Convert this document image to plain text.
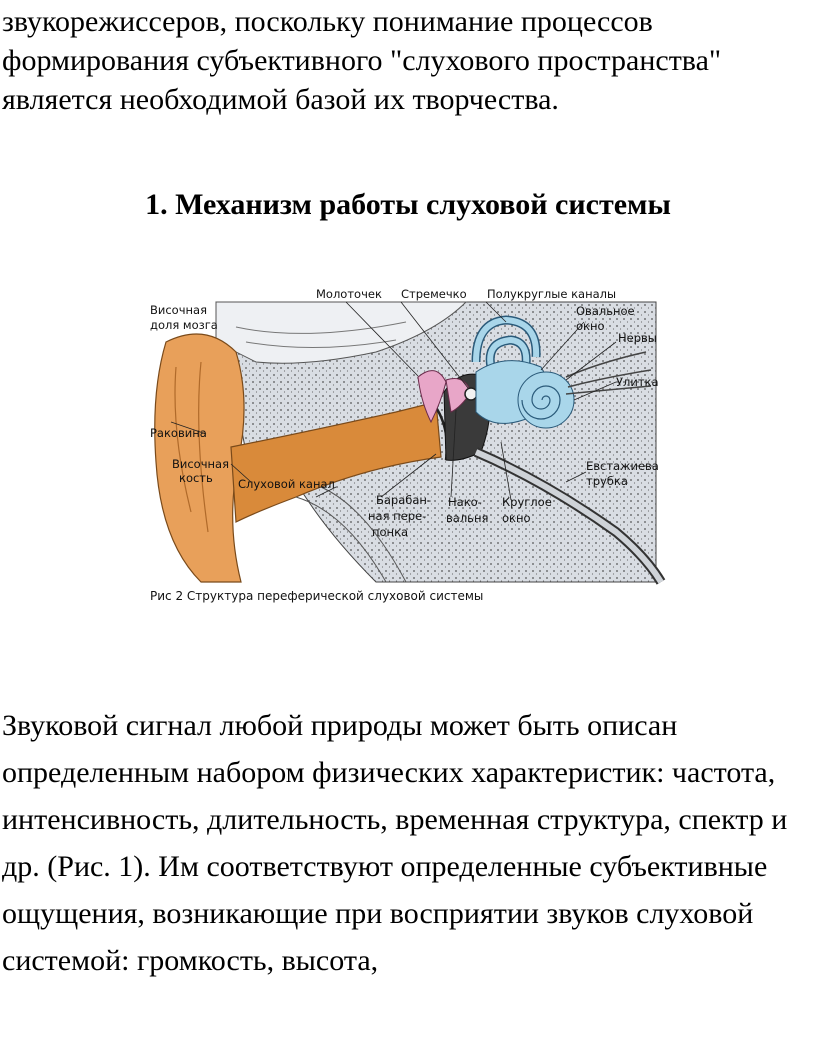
звукорежиссеров, поскольку понимание процессов формирования субъективного "слухового пространства" является необходимой базой их творчества.

1. Механизм работы слуховой системы
Височная
доля мозга
Молоточек Стремечко Полукруглые каналы
Овальное
окно
Нервы
Улитка
Раковина
Височная
кость Слуховой канал
Евстажиева
трубка
Барабан-
ная пере-
понка
Нако-
вальня
Круглое
окно
Рис 2 Структура переферической слуховой системы

Звуковой сигнал любой природы может быть описан определенным набором физических характеристик: частота, интенсивность, длительность, временная структура, спектр и др. (Рис. 1). Им соответствуют определенные субъективные ощущения, возникающие при восприятии звуков слуховой системой: громкость, высота,
